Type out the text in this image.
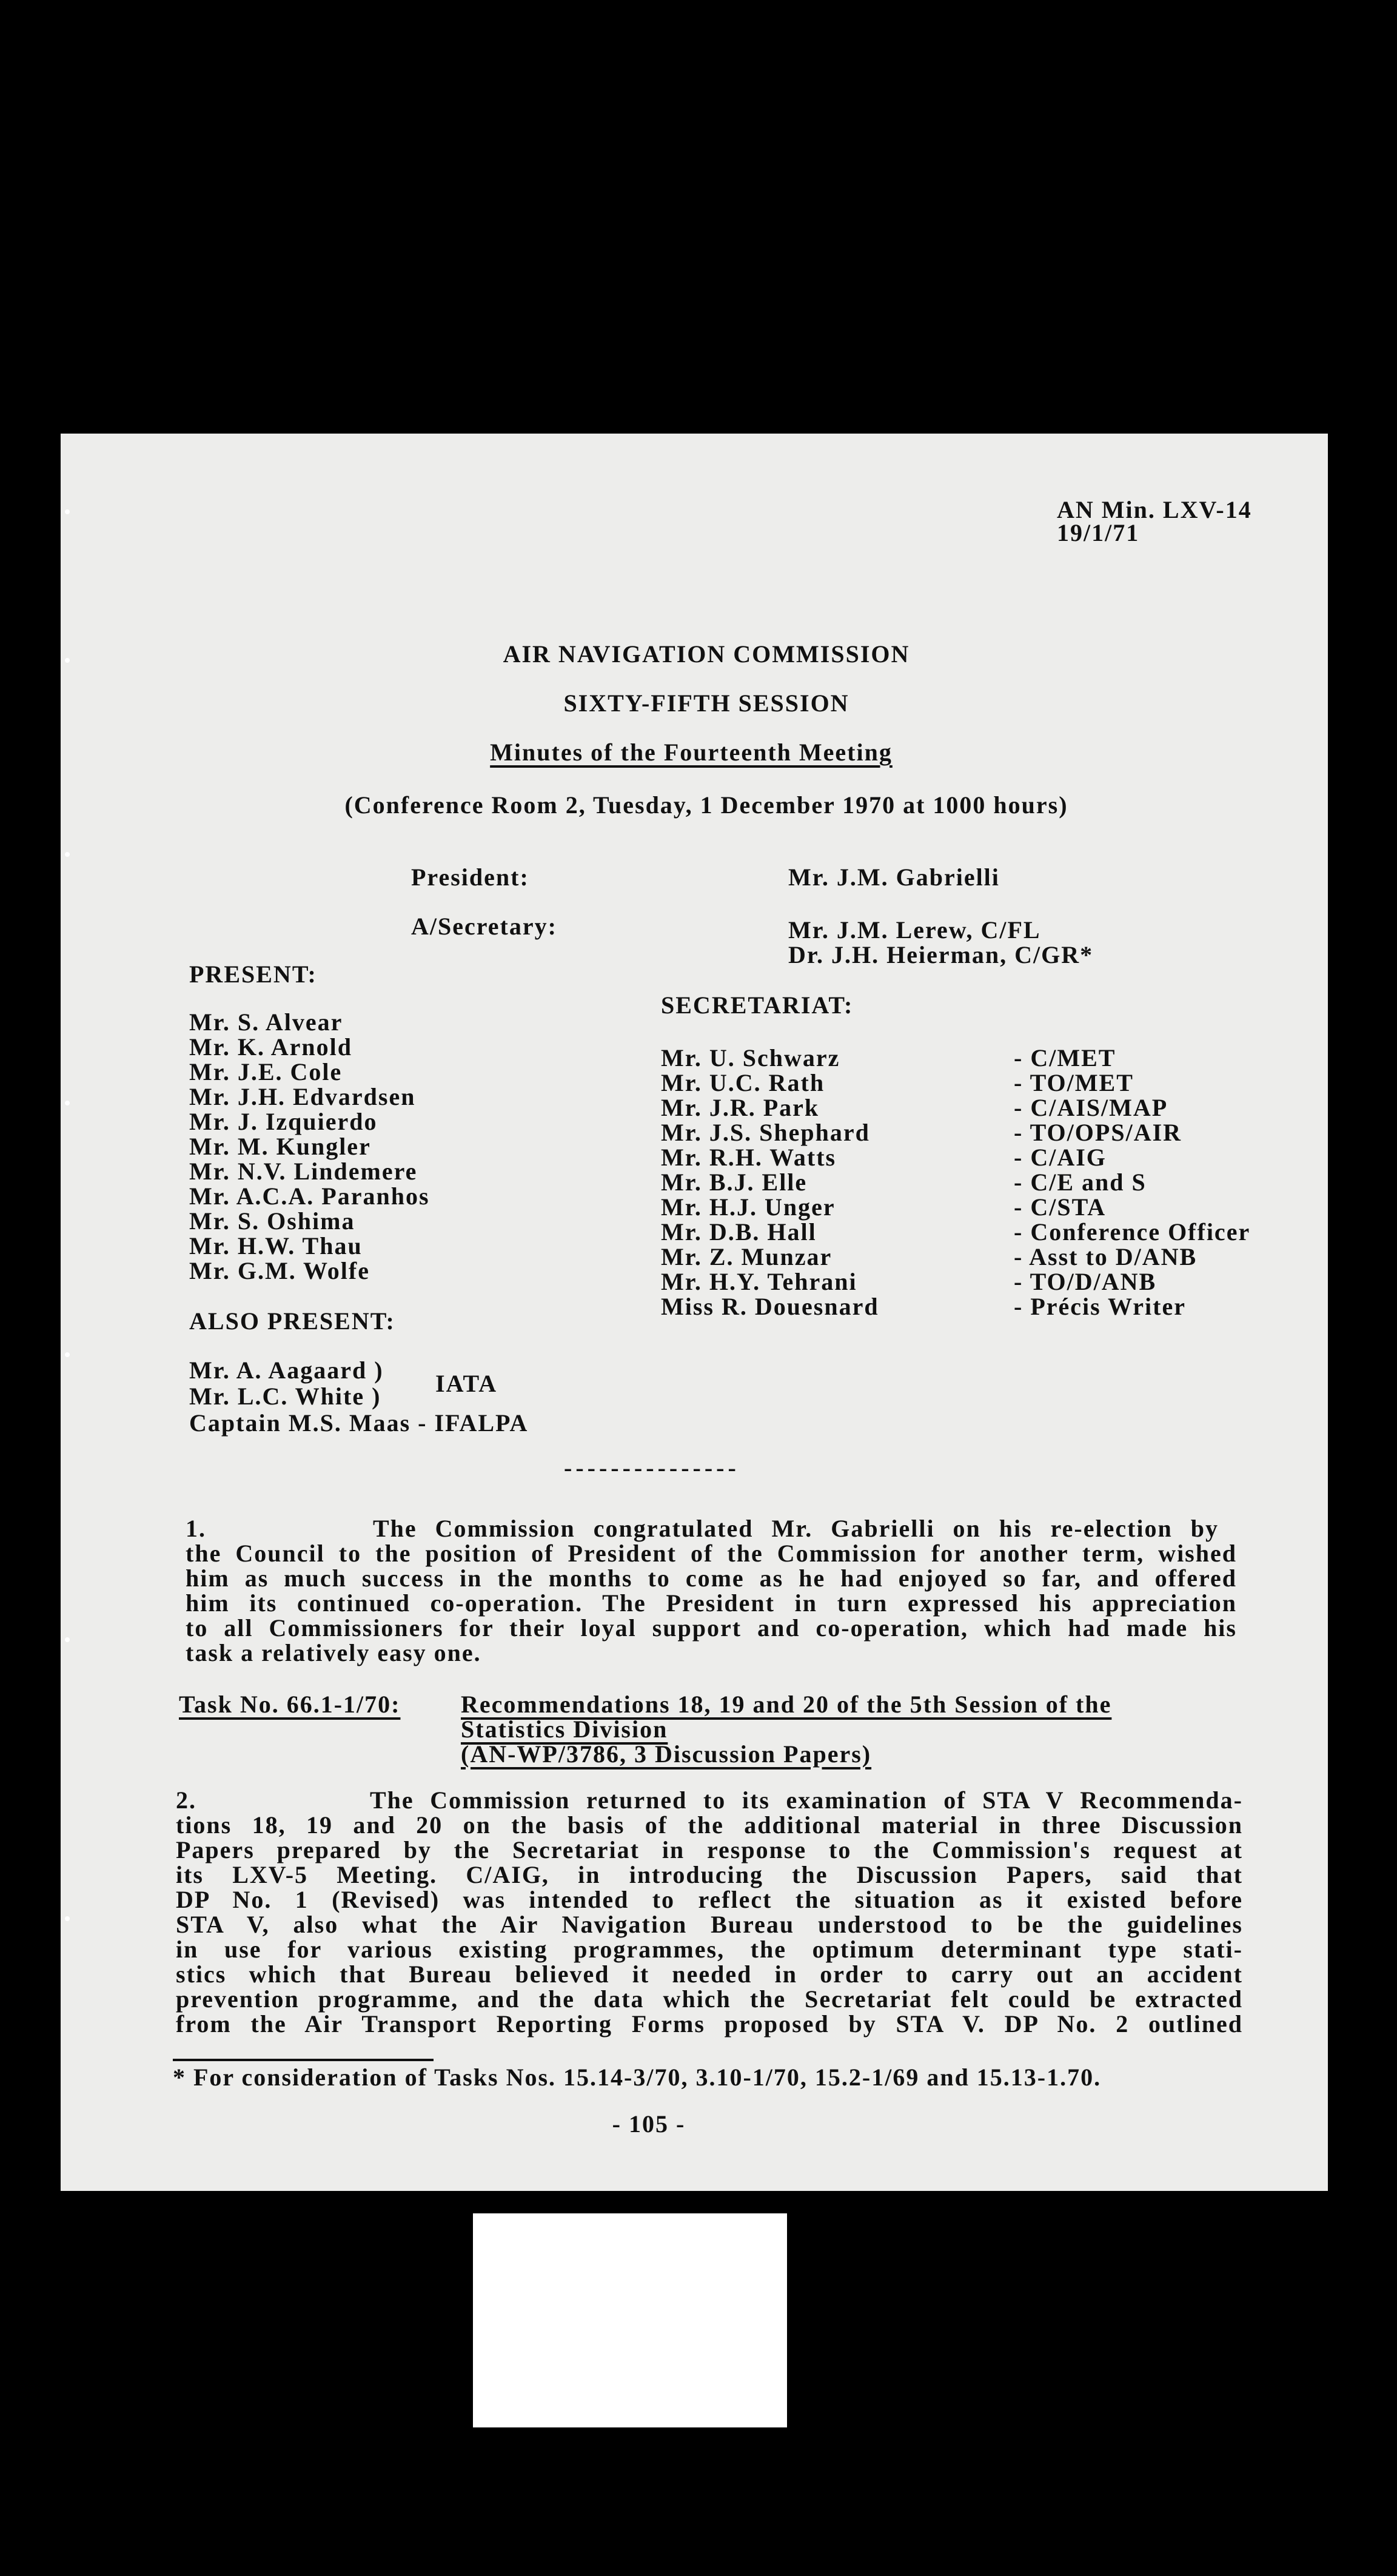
AN Min. LXV-14
19/1/71
AIR NAVIGATION COMMISSION
SIXTY-FIFTH SESSION
Minutes of the Fourteenth Meeting
(Conference Room 2, Tuesday, 1 December 1970 at 1000 hours)
President:	Mr. J.M. Gabrielli
A/Secretary:	Mr. J.M. Lerew, C/FL
Dr. J.H. Heierman, C/GR*
PRESENT:
Mr. S. Alvear
Mr. K. Arnold
Mr. J.E. Cole
Mr. J.H. Edvardsen
Mr. J. Izquierdo
Mr. M. Kungler
Mr. N.V. Lindemere
Mr. A.C.A. Paranhos
Mr. S. Oshima
Mr. H.W. Thau
Mr. G.M. Wolfe
SECRETARIAT:
Mr. U. Schwarz	- C/MET
Mr. U.C. Rath	- TO/MET
Mr. J.R. Park	- C/AIS/MAP
Mr. J.S. Shephard	- TO/OPS/AIR
Mr. R.H. Watts	- C/AIG
Mr. B.J. Elle	- C/E and S
Mr. H.J. Unger	- C/STA
Mr. D.B. Hall	- Conference Officer
Mr. Z. Munzar	- Asst to D/ANB
Mr. H.Y. Tehrani	- TO/D/ANB
Miss R. Douesnard	- Précis Writer
ALSO PRESENT:
Mr. A. Aagaard )
Mr. L.C. White ) IATA
Captain M.S. Maas - IFALPA
---------------
1.	The Commission congratulated Mr. Gabrielli on his re-election by
the Council to the position of President of the Commission for another term, wished
him as much success in the months to come as he had enjoyed so far, and offered
him its continued co-operation. The President in turn expressed his appreciation
to all Commissioners for their loyal support and co-operation, which had made his
task a relatively easy one.
Task No. 66.1-1/70: Recommendations 18, 19 and 20 of the 5th Session of the
Statistics Division
(AN-WP/3786, 3 Discussion Papers)
2.	The Commission returned to its examination of STA V Recommenda-
tions 18, 19 and 20 on the basis of the additional material in three Discussion
Papers prepared by the Secretariat in response to the Commission's request at
its LXV-5 Meeting. C/AIG, in introducing the Discussion Papers, said that
DP No. 1 (Revised) was intended to reflect the situation as it existed before
STA V, also what the Air Navigation Bureau understood to be the guidelines
in use for various existing programmes, the optimum determinant type stati-
stics which that Bureau believed it needed in order to carry out an accident
prevention programme, and the data which the Secretariat felt could be extracted
from the Air Transport Reporting Forms proposed by STA V. DP No. 2 outlined
* For consideration of Tasks Nos. 15.14-3/70, 3.10-1/70, 15.2-1/69 and 15.13-1.70.
- 105 -
